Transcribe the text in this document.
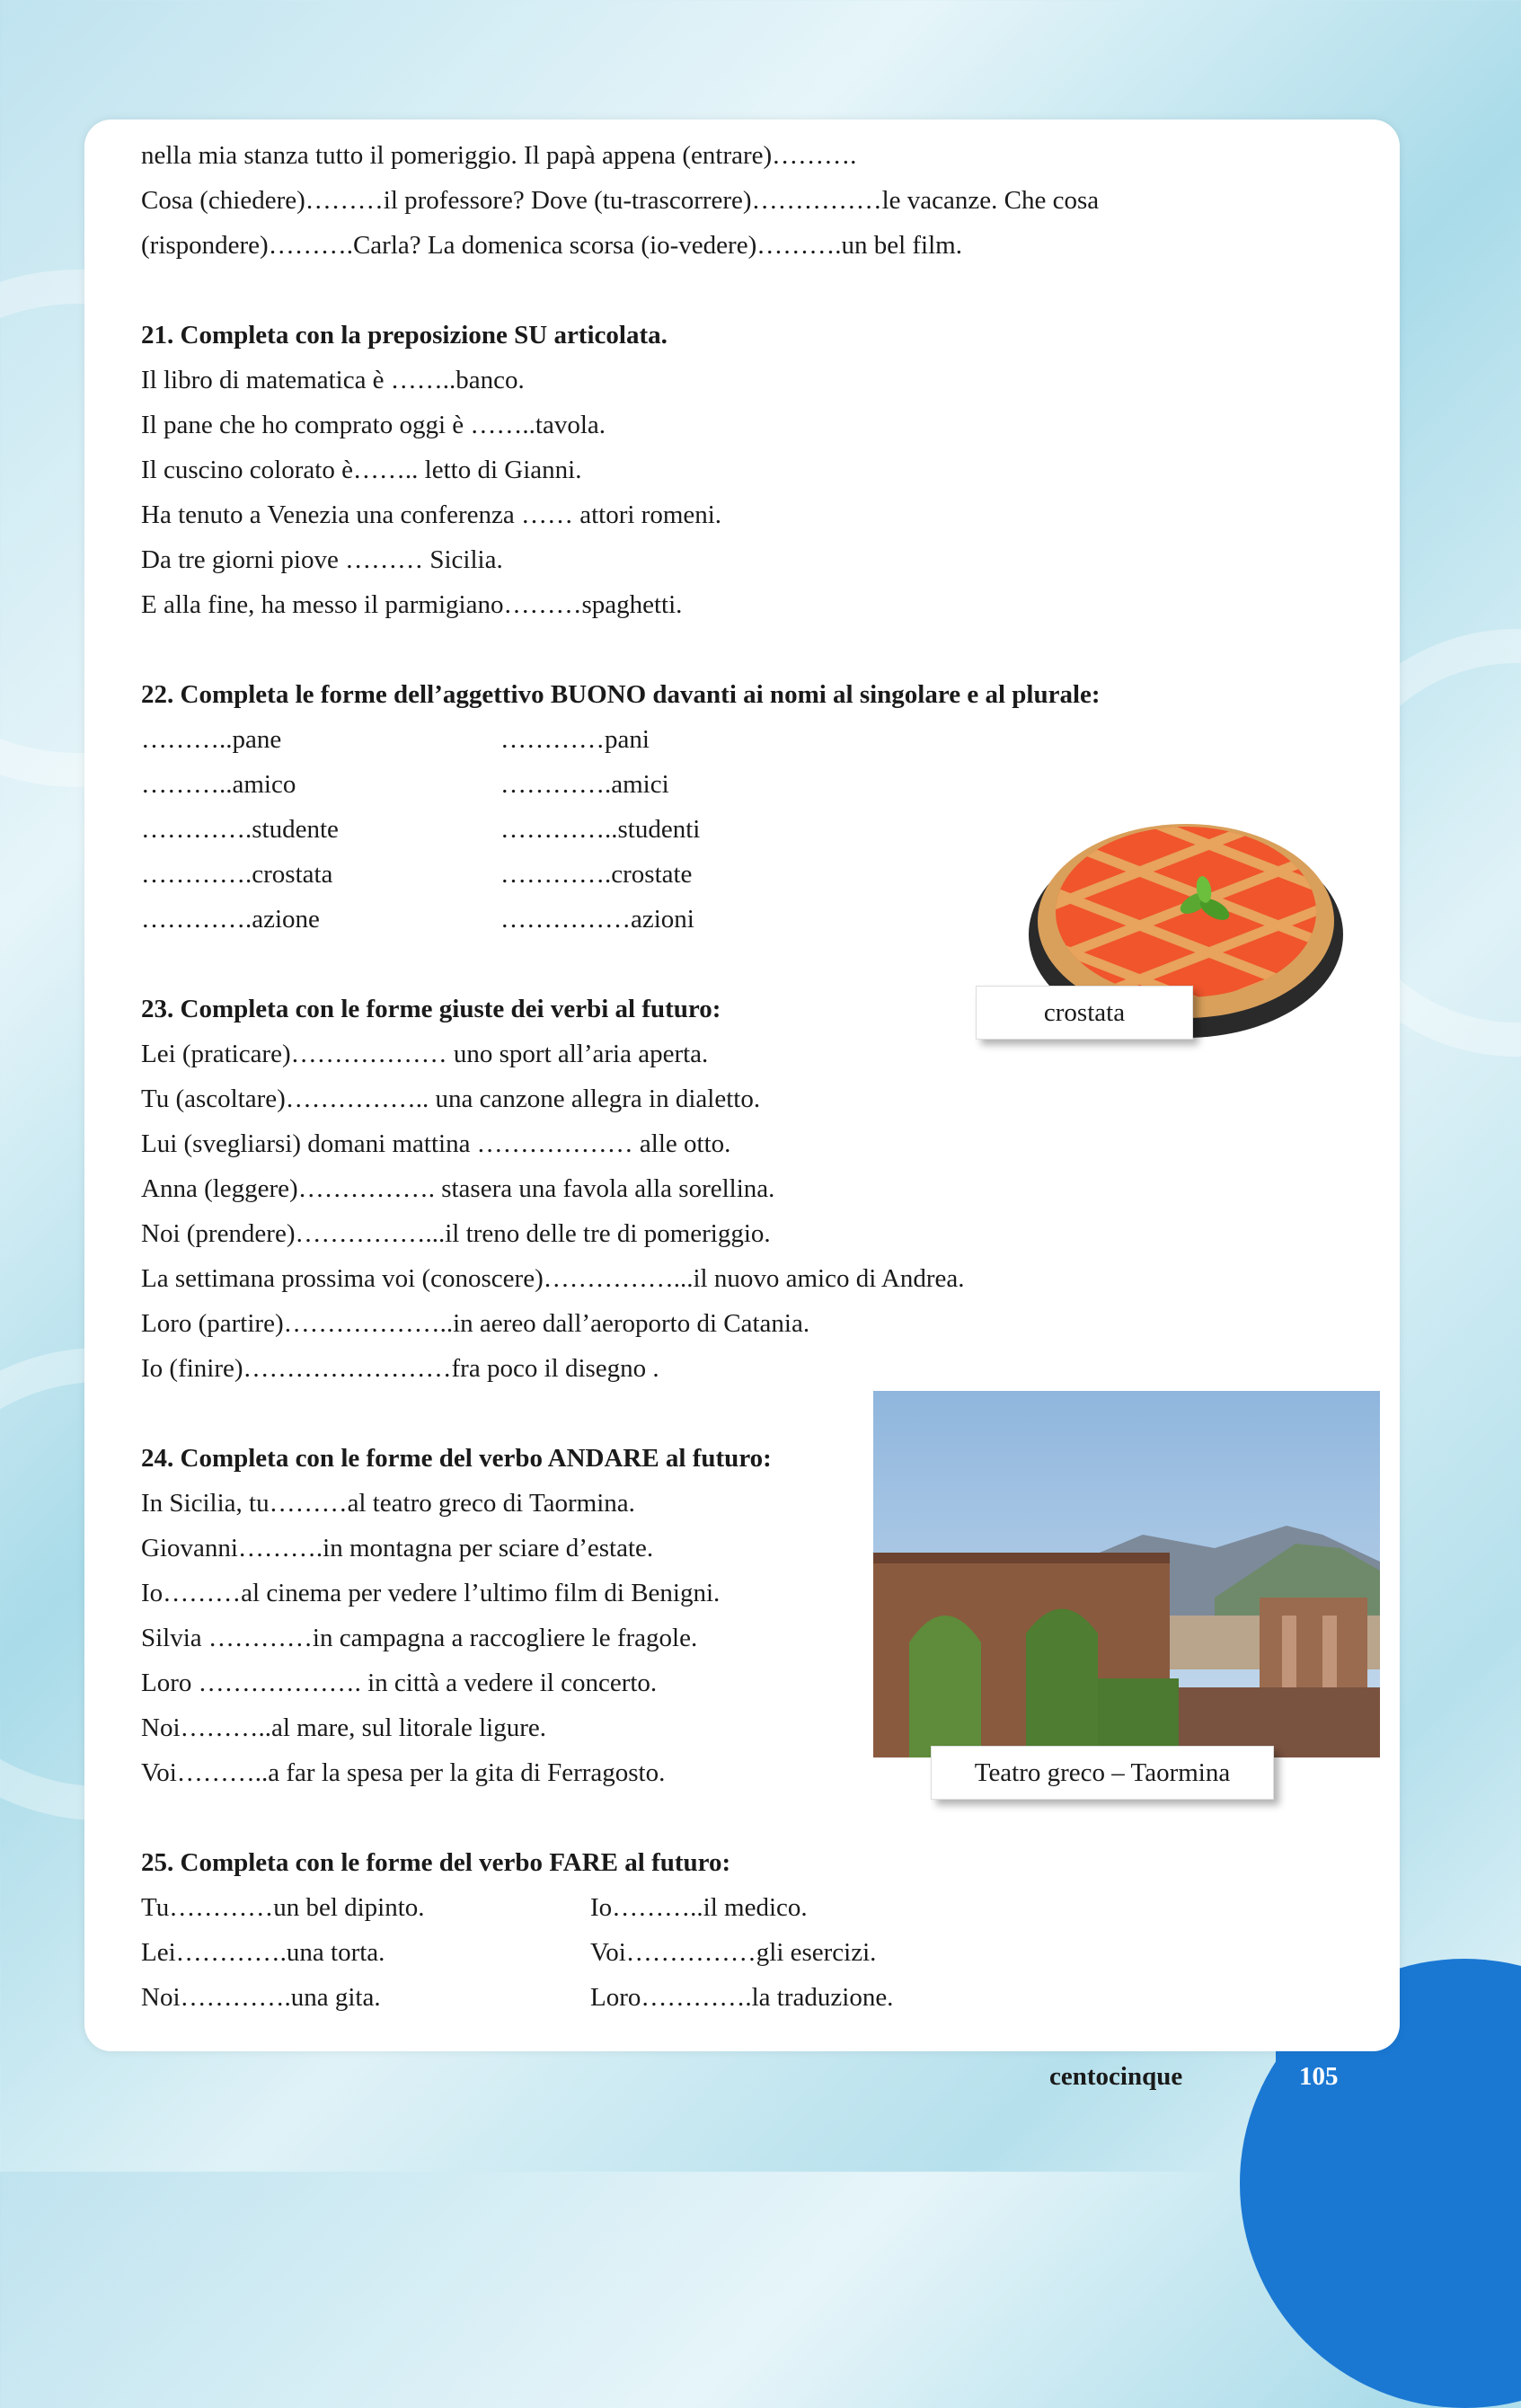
nella mia stanza tutto il pomeriggio. Il papà appena (entrare)……….
Cosa (chiedere)………il professore? Dove (tu-trascorrere)……………le vacanze. Che cosa
(rispondere)……….Carla? La domenica scorsa (io-vedere)……….un bel film.
21. Completa con la preposizione SU articolata.
Il libro di matematica è ……..banco.
Il pane che ho comprato oggi è ……..tavola.
Il cuscino colorato è…….. letto di Gianni.
Ha tenuto a Venezia una conferenza …… attori romeni.
Da tre giorni piove ……… Sicilia.
E alla fine, ha messo il parmigiano………spaghetti.
22. Completa le forme dell’aggettivo BUONO davanti ai nomi al singolare e al plurale:
………..pane	…………pani
………..amico	………….amici
………….studente	…………..studenti
………….crostata	………….crostate
………….azione	……………azioni
23. Completa con le forme giuste dei verbi al futuro:
Lei (praticare)……………… uno sport all’aria aperta.
Tu (ascoltare)…………….. una canzone allegra in dialetto.
Lui (svegliarsi) domani mattina ……………… alle otto.
Anna (leggere)……………. stasera una favola alla sorellina.
Noi (prendere)……………...il treno delle tre di pomeriggio.
La settimana prossima voi (conoscere)……………...il nuovo amico di Andrea.
Loro (partire)………………..in aereo dall’aeroporto di Catania.
Io (finire)……………………fra poco il disegno .
24. Completa con le forme del verbo ANDARE al futuro:
In Sicilia, tu………al teatro greco di Taormina.
Giovanni……….in montagna per sciare d’estate.
Io………al cinema per vedere l’ultimo film di Benigni.
Silvia …………in campagna a raccogliere le fragole.
Loro ………………. in città a vedere il concerto.
Noi………..al mare, sul litorale ligure.
Voi………..a far la spesa per la gita di Ferragosto.
25. Completa con le forme del verbo FARE al futuro:
Tu…………un bel dipinto.	Io………..il medico.
Lei………….una torta.	Voi……………gli esercizi.
Noi………….una gita.	Loro………….la traduzione.
crostata
Teatro greco – Taormina
centocinque	105
